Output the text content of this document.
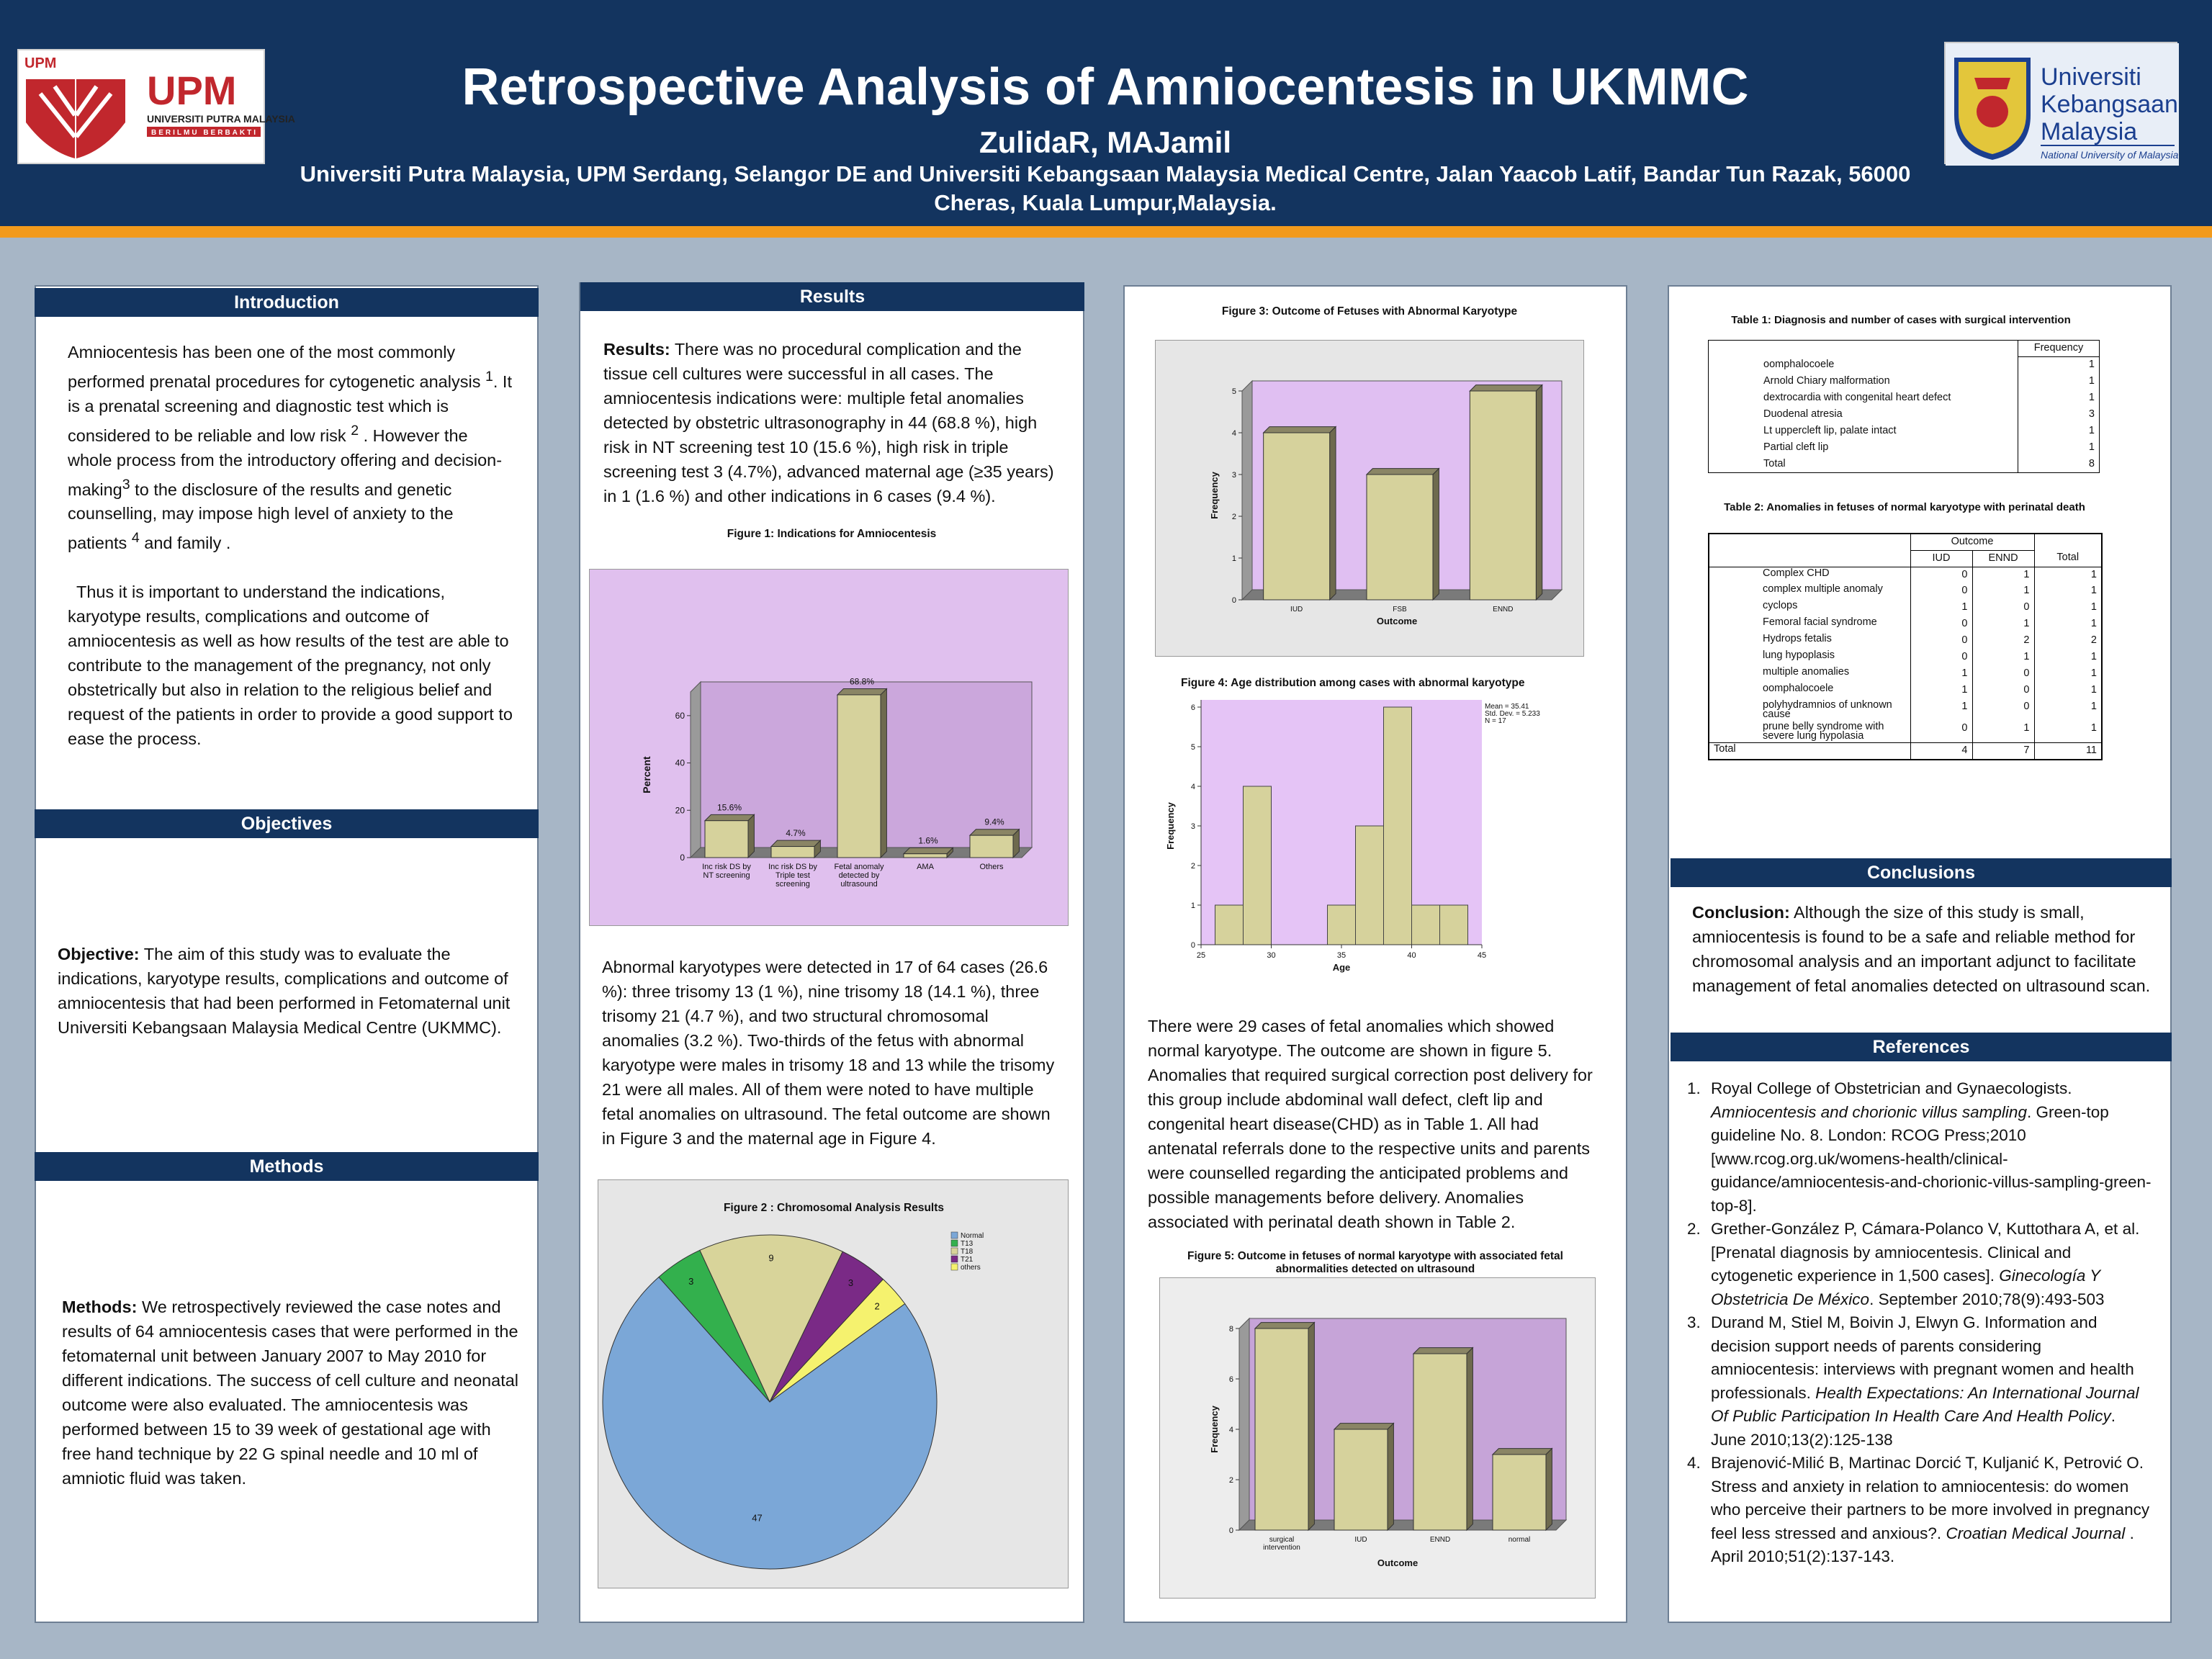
UPM
UPM
UNIVERSITI PUTRA MALAYSIA
BERILMU BERBAKTI
Retrospective Analysis of Amniocentesis in UKMMC
ZulidaR, MAJamil
Universiti Putra Malaysia, UPM Serdang, Selangor DE and Universiti Kebangsaan Malaysia Medical Centre, Jalan Yaacob Latif, Bandar Tun Razak, 56000
Cheras, Kuala Lumpur,Malaysia.
Universiti
Kebangsaan
Malaysia
National University of Malaysia
Introduction

Amniocentesis has been one of the most commonly performed prenatal procedures for cytogenetic analysis $^1$. It is a prenatal screening and diagnostic test which is considered to be reliable and low risk $^2$ . However the whole process from the introductory offering and decision-making$^3$ to the disclosure of the results and genetic counselling, may impose high level of anxiety to the patients $^4$ and family .

Thus it is important to understand the indications, karyotype results, complications and outcome of amniocentesis as well as how results of the test are able to contribute to the management of the pregnancy, not only obstetrically but also in relation to the religious belief and request of the patients in order to provide a good support to ease the process.

Objectives
Objective: The aim of this study was to evaluate the indications, karyotype results, complications and outcome of amniocentesis that had been performed in Fetomaternal unit Universiti Kebangsaan Malaysia Medical Centre (UKMMC).
Methods
Methods: We retrospectively reviewed the case notes and results of 64 amniocentesis cases that were performed in the fetomaternal unit between January 2007 to May 2010 for different indications. The success of cell culture and neonatal outcome were also evaluated. The amniocentesis was performed between 15 to 39 week of gestational age with free hand technique by 22 G spinal needle and 10 ml of amniotic fluid was taken.
Results
Results: There was no procedural complication and the tissue cell cultures were successful in all cases. The amniocentesis indications were: multiple fetal anomalies detected by obstetric ultrasonography in 44 (68.8 %), high risk in NT screening test 10 (15.6 %), high risk in triple screening test 3 (4.7%), advanced maternal age (≥35 years) in 1 (1.6 %) and other indications in 6 cases (9.4 %).
Figure 1: Indications for Amniocentesis
0
20
40
60
Percent
15.6%
Inc risk DS by
NT screening
4.7%
Inc risk DS by
Triple test
screening
68.8%
Fetal anomaly
detected by
ultrasound
1.6%
AMA
9.4%
Others
Abnormal karyotypes were detected in 17 of 64 cases (26.6 %): three trisomy 13 (1 %), nine trisomy 18 (14.1 %), three trisomy 21 (4.7 %), and two structural chromosomal anomalies (3.2 %). Two-thirds of the fetus with abnormal karyotype were males in trisomy 18 and 13 while the trisomy 21 were all males. All of them were noted to have multiple fetal anomalies on ultrasound. The fetal outcome are shown in Figure 3 and the maternal age in Figure 4.
Figure 2 : Chromosomal Analysis Results
47
3
9
3
2
Normal
T13
T18
T21
others
Figure 3: Outcome of Fetuses with Abnormal Karyotype
0
1
2
3
4
5
Frequency
Outcome
IUD	FSB	ENND
Figure 4: Age distribution among cases with abnormal karyotype
0
1
2
3
4
5
6
25	30	35	40	45
Age
Frequency
Mean = 35.41
Std. Dev. = 5.233
N = 17
There were 29 cases of fetal anomalies which showed normal karyotype. The outcome are shown in figure 5. Anomalies that required surgical correction post delivery for this group include abdominal wall defect, cleft lip and congenital heart disease(CHD) as in Table 1. All had antenatal referrals done to the respective units and parents were counselled regarding the anticipated problems and possible managements before delivery. Anomalies associated with perinatal death shown in Table 2.
Figure 5: Outcome in fetuses of normal karyotype with associated fetal abnormalities detected on ultrasound
0
2
4
6
8
Frequency
Outcome
surgical
intervention
IUD	ENND	normal
Table 1: Diagnosis and number of cases with surgical intervention
	Frequency
oomphalocoele	1
Arnold Chiary malformation	1
dextrocardia with congenital heart defect	1
Duodenal atresia	3
Lt uppercleft lip, palate intact	1
Partial cleft lip	1
Total	8
Table 2: Anomalies in fetuses of normal karyotype with perinatal death
	Outcome		
	IUD	ENND	Total
Complex CHD	0	1	1
complex multiple anomaly	0	1	1
cyclops	1	0	1
Femoral facial syndrome	0	1	1
Hydrops fetalis	0	2	2
lung hypoplasis	0	1	1
multiple anomalies	1	0	1
oomphalocoele	1	0	1
polyhydramnios of unknown cause	1	0	1
prune belly syndrome with severe lung hypolasia	0	1	1
Total	4	7	11
Conclusions
Conclusion: Although the size of this study is small, amniocentesis is found to be a safe and reliable method for chromosomal analysis and an important adjunct to facilitate management of fetal anomalies detected on ultrasound scan.
References
1. Royal College of Obstetrician and Gynaecologists. Amniocentesis and chorionic villus sampling. Green-top guideline No. 8. London: RCOG Press;2010 [www.rcog.org.uk/womens-health/clinical-guidance/amniocentesis-and-chorionic-villus-sampling-green-top-8].
2. Grether-González P, Cámara-Polanco V, Kuttothara A, et al. [Prenatal diagnosis by amniocentesis. Clinical and cytogenetic experience in 1,500 cases]. Ginecología Y Obstetricia De México. September 2010;78(9):493-503
3. Durand M, Stiel M, Boivin J, Elwyn G. Information and decision support needs of parents considering amniocentesis: interviews with pregnant women and health professionals. Health Expectations: An International Journal Of Public Participation In Health Care And Health Policy. June 2010;13(2):125-138
4. Brajenović-Milić B, Martinac Dorcić T, Kuljanić K, Petrović O. Stress and anxiety in relation to amniocentesis: do women who perceive their partners to be more involved in pregnancy feel less stressed and anxious?. Croatian Medical Journal . April 2010;51(2):137-143.
